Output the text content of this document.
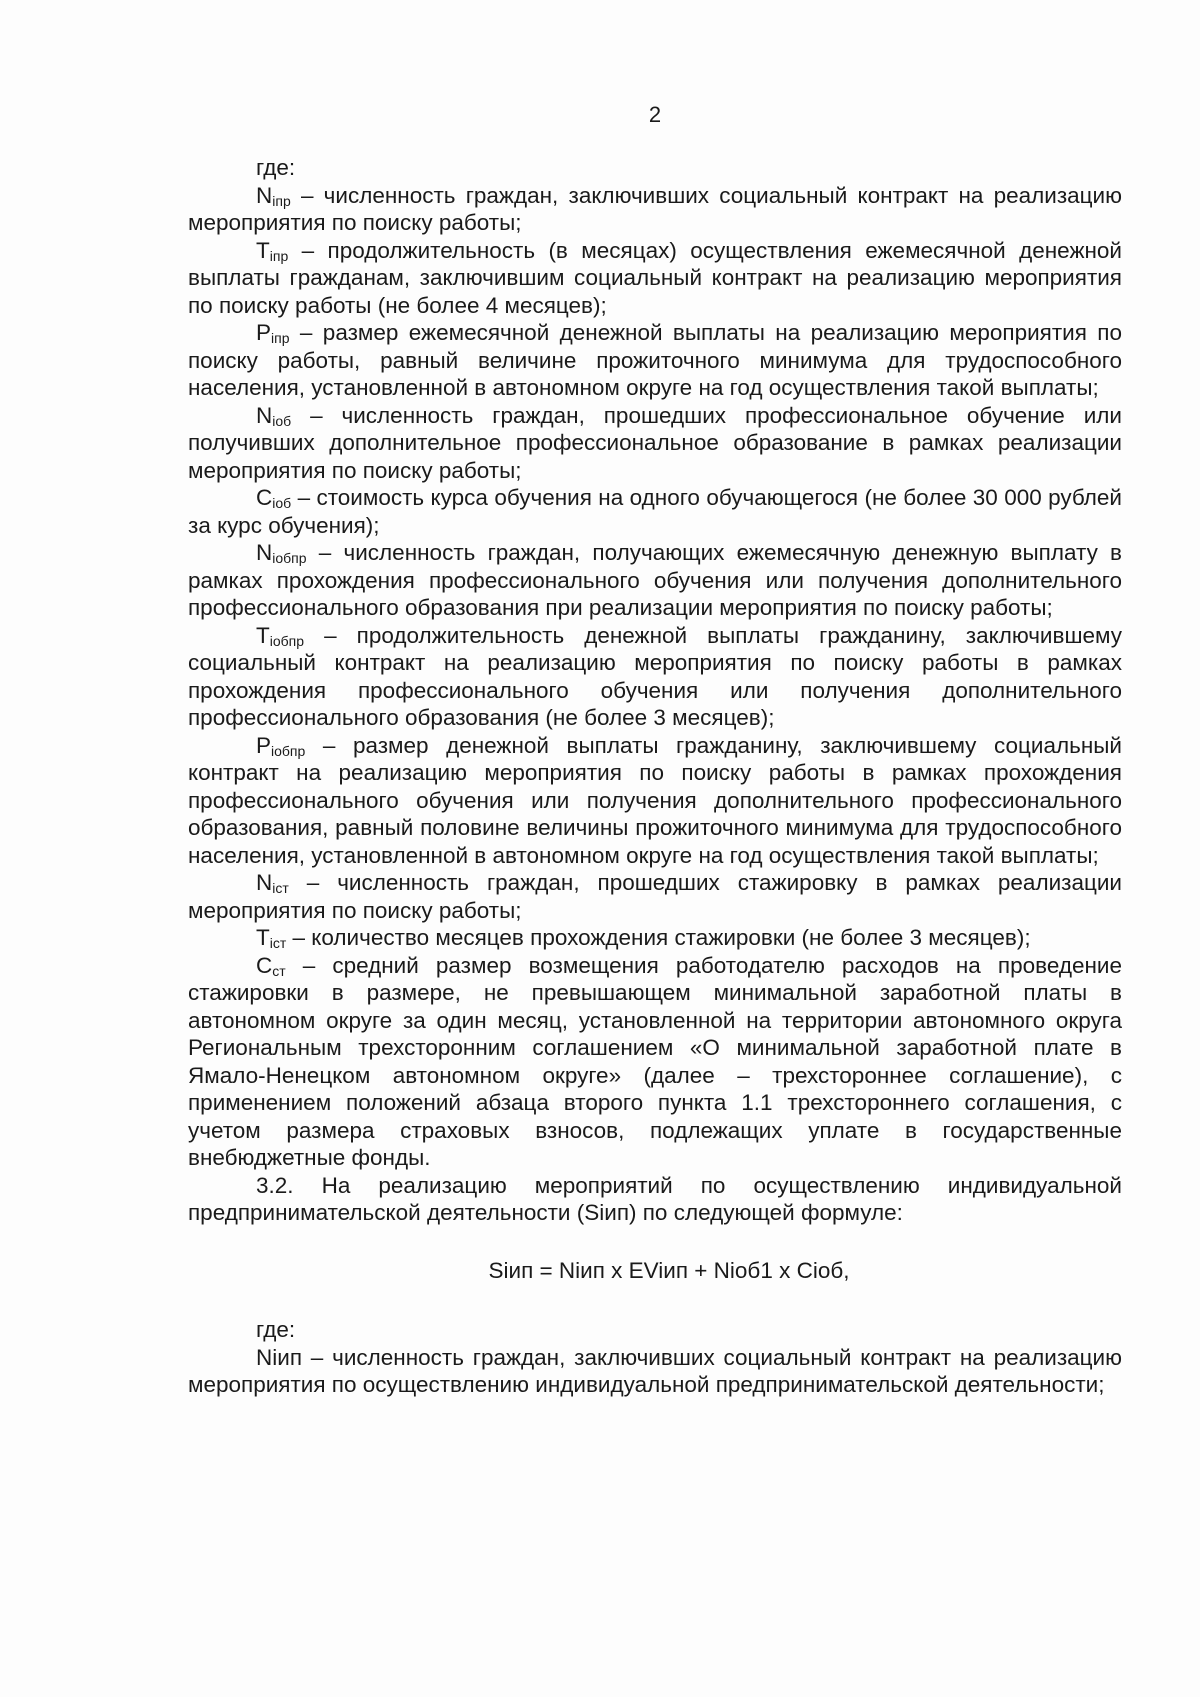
2

где:

$N_{iпр}$ – численность граждан, заключивших социальный контракт на реализацию мероприятия по поиску работы;

$T_{iпр}$ – продолжительность (в месяцах) осуществления ежемесячной денежной выплаты гражданам, заключившим социальный контракт на реализацию мероприятия по поиску работы (не более 4 месяцев);

$P_{iпр}$ – размер ежемесячной денежной выплаты на реализацию мероприятия по поиску работы, равный величине прожиточного минимума для трудоспособного населения, установленной в автономном округе на год осуществления такой выплаты;

$N_{iоб}$ – численность граждан, прошедших профессиональное обучение или получивших дополнительное профессиональное образование в рамках реализации мероприятия по поиску работы;

$C_{iоб}$ – стоимость курса обучения на одного обучающегося (не более 30 000 рублей за курс обучения);

$N_{iобпр}$ – численность граждан, получающих ежемесячную денежную выплату в рамках прохождения профессионального обучения или получения дополнительного профессионального образования при реализации мероприятия по поиску работы;

$T_{iобпр}$ – продолжительность денежной выплаты гражданину, заключившему социальный контракт на реализацию мероприятия по поиску работы в рамках прохождения профессионального обучения или получения дополнительного профессионального образования (не более 3 месяцев);

$P_{iобпр}$ – размер денежной выплаты гражданину, заключившему социальный контракт на реализацию мероприятия по поиску работы в рамках прохождения профессионального обучения или получения дополнительного профессионального образования, равный половине величины прожиточного минимума для трудоспособного населения, установленной в автономном округе на год осуществления такой выплаты;

$N_{iст}$ – численность граждан, прошедших стажировку в рамках реализации мероприятия по поиску работы;

$T_{iст}$ – количество месяцев прохождения стажировки (не более 3 месяцев);

$C_{ст}$ – средний размер возмещения работодателю расходов на проведение стажировки в размере, не превышающем минимальной заработной платы в автономном округе за один месяц, установленной на территории автономного округа Региональным трехсторонним соглашением «О минимальной заработной плате в Ямало-Ненецком автономном округе» (далее – трехстороннее соглашение), с применением положений абзаца второго пункта 1.1 трехстороннего соглашения, с учетом размера страховых взносов, подлежащих уплате в государственные внебюджетные фонды.

3.2. На реализацию мероприятий по осуществлению индивидуальной предпринимательской деятельности (Siип) по следующей формуле:

Siип = Niип x EViип + Niоб1 x Ciоб,

где:

Niип – численность граждан, заключивших социальный контракт на реализацию мероприятия по осуществлению индивидуальной предпринимательской деятельности;
